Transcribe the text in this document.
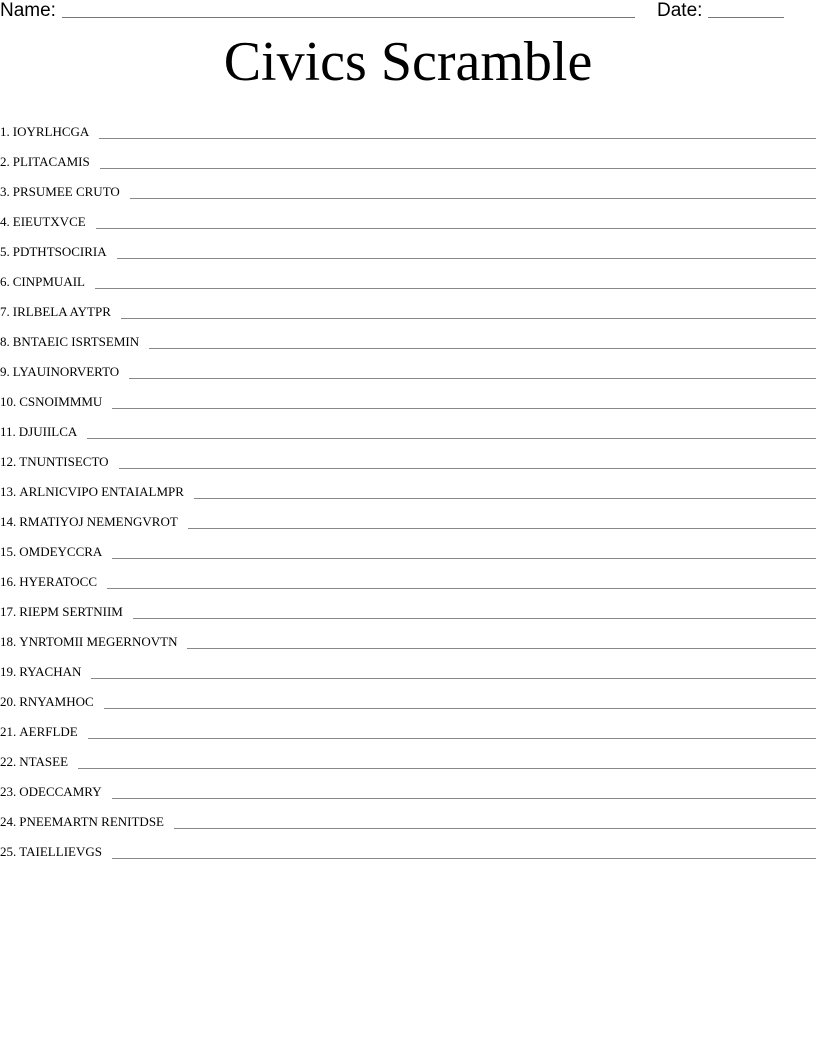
Name:	Date:
Civics Scramble
1. IOYRLHCGA
2. PLITACAMIS
3. PRSUMEE CRUTO
4. EIEUTXVCE
5. PDTHTSOCIRIA
6. CINPMUAIL
7. IRLBELA AYTPR
8. BNTAEIC ISRTSEMIN
9. LYAUINORVERTO
10. CSNOIMMMU
11. DJUIILCA
12. TNUNTISECTO
13. ARLNICVIPO ENTAIALMPR
14. RMATIYOJ NEMENGVROT
15. OMDEYCCRA
16. HYERATOCC
17. RIEPM SERTNIIM
18. YNRTOMII MEGERNOVTN
19. RYACHAN
20. RNYAMHOC
21. AERFLDE
22. NTASEE
23. ODECCAMRY
24. PNEEMARTN RENITDSE
25. TAIELLIEVGS
